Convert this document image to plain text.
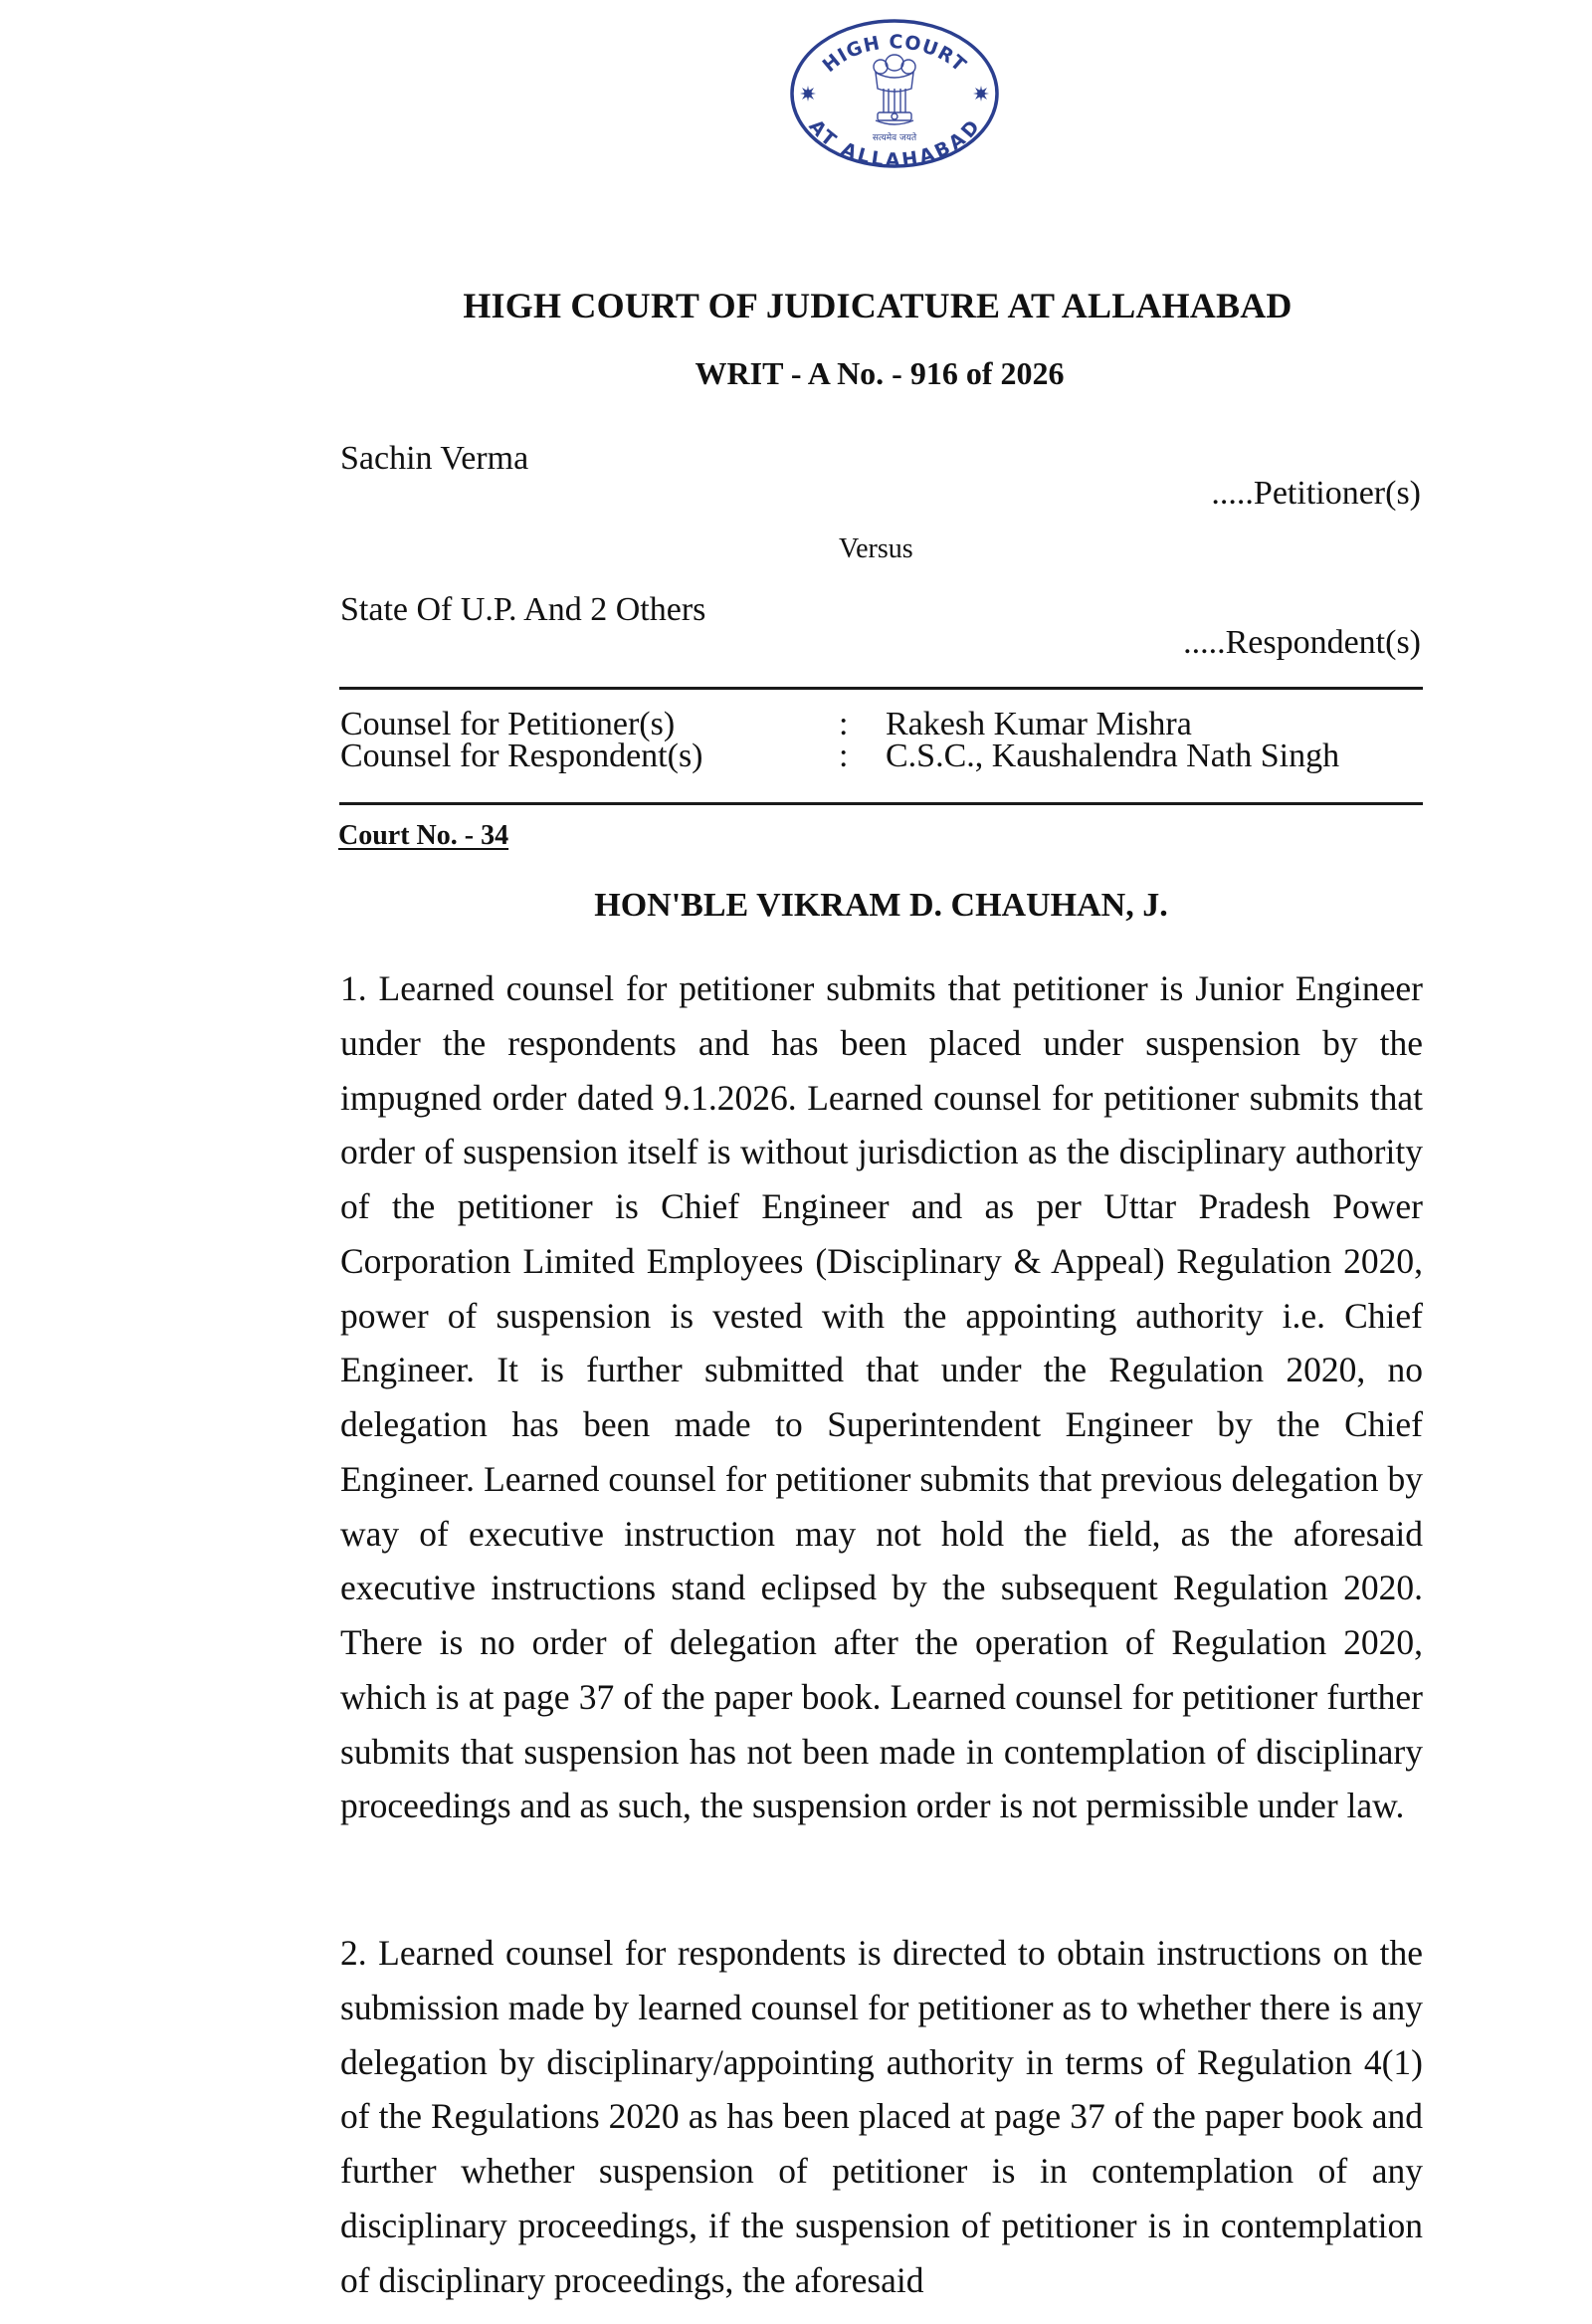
HIGH COURT
AT ALLAHABAD
सत्यमेव जयते
HIGH COURT OF JUDICATURE AT ALLAHABAD
WRIT - A No. - 916 of 2026
Sachin Verma
.....Petitioner(s)
Versus
State Of U.P. And 2 Others
.....Respondent(s)
Counsel for Petitioner(s)	: Rakesh Kumar Mishra
Counsel for Respondent(s)	: C.S.C., Kaushalendra Nath Singh
Court No. - 34
HON'BLE VIKRAM D. CHAUHAN, J.

1. Learned counsel for petitioner submits that petitioner is Junior Engineer under the respondents and has been placed under suspension by the impugned order dated 9.1.2026. Learned counsel for petitioner submits that order of suspension itself is without jurisdiction as the disciplinary authority of the petitioner is Chief Engineer and as per Uttar Pradesh Power Corporation Limited Employees (Disciplinary & Appeal) Regulation 2020, power of suspension is vested with the appointing authority i.e. Chief Engineer. It is further submitted that under the Regulation 2020, no delegation has been made to Superintendent Engineer by the Chief Engineer. Learned counsel for petitioner submits that previous delegation by way of executive instruction may not hold the field, as the aforesaid executive instructions stand eclipsed by the subsequent Regulation 2020. There is no order of delegation after the operation of Regulation 2020, which is at page 37 of the paper book. Learned counsel for petitioner further submits that suspension has not been made in contemplation of disciplinary proceedings and as such, the suspension order is not permissible under law.

2. Learned counsel for respondents is directed to obtain instructions on the submission made by learned counsel for petitioner as to whether there is any delegation by disciplinary/appointing authority in terms of Regulation 4(1) of the Regulations 2020 as has been placed at page 37 of the paper book and further whether suspension of petitioner is in contemplation of any disciplinary proceedings, if the suspension of petitioner is in contemplation of disciplinary proceedings, the aforesaid
